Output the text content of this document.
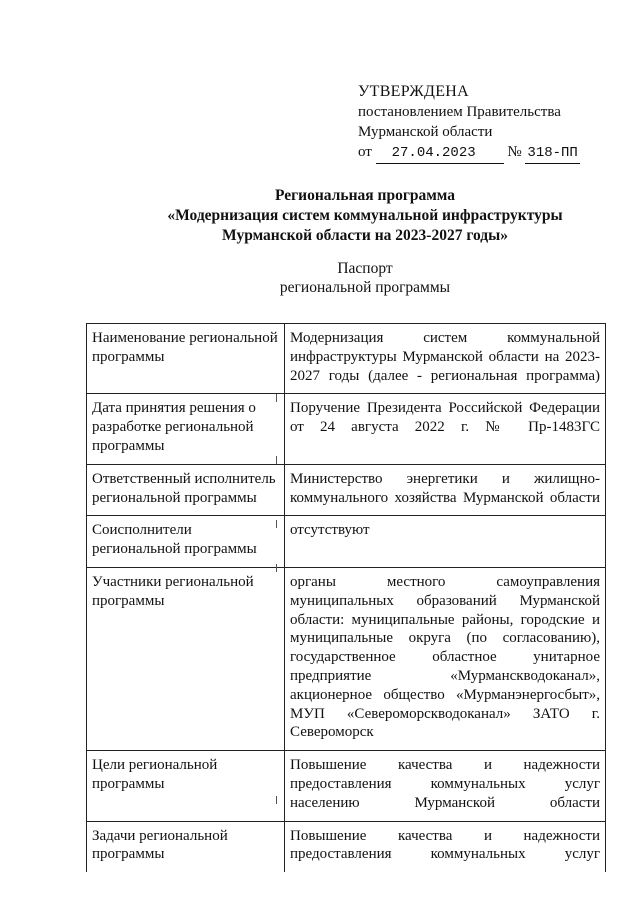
УТВЕРЖДЕНА
постановлением Правительства
Мурманской области
от 27.04.2023 № 318-ПП
Региональная программа
«Модернизация систем коммунальной инфраструктуры
Мурманской области на 2023-2027 годы»
Паспорт
региональной программы
Наименование региональной программы	Модернизация систем коммунальной инфраструктуры Мурманской области на 2023-2027 годы (далее - региональная программа)
Дата принятия решения о разработке региональной программы	Поручение Президента Российской Федерации от 24 августа 2022 г. № Пр-1483ГС
Ответственный исполнитель региональной программы	Министерство энергетики и жилищно-коммунального хозяйства Мурманской области
Соисполнители региональной программы	отсутствуют
Участники региональной программы	органы местного самоуправления муниципальных образований Мурманской области: муниципальные районы, городские и муниципальные округа (по согласованию), государственное областное унитарное предприятие «Мурманскводоканал», акционерное общество «Мурманэнергосбыт», МУП «Североморскводоканал» ЗАТО г. Североморск
Цели региональной программы	Повышение качества и надежности предоставления коммунальных услуг населению Мурманской области
Задачи региональной программы	Повышение качества и надежности предоставления коммунальных услуг
